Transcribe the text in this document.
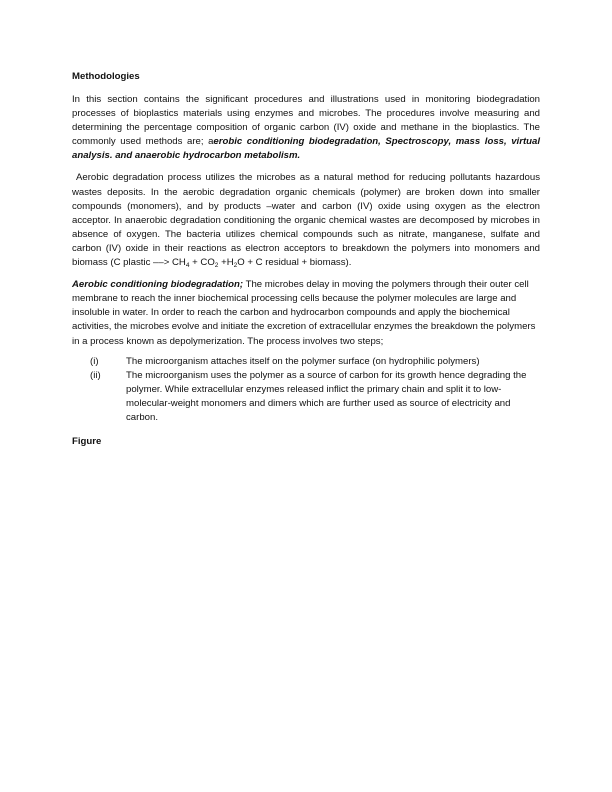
Methodologies

In this section contains the significant procedures and illustrations used in monitoring biodegradation processes of bioplastics materials using enzymes and microbes. The procedures involve measuring and determining the percentage composition of organic carbon (IV) oxide and methane in the bioplastics. The commonly used methods are; aerobic conditioning biodegradation, Spectroscopy, mass loss, virtual analysis. and anaerobic hydrocarbon metabolism.

Aerobic degradation process utilizes the microbes as a natural method for reducing pollutants hazardous wastes deposits. In the aerobic degradation organic chemicals (polymer) are broken down into smaller compounds (monomers), and by products –water and carbon (IV) oxide using oxygen as the electron acceptor. In anaerobic degradation conditioning the organic chemical wastes are decomposed by microbes in absence of oxygen. The bacteria utilizes chemical compounds such as nitrate, manganese, sulfate and carbon (IV) oxide in their reactions as electron acceptors to breakdown the polymers into monomers and biomass (C plastic ––> $CH_4 + CO_2 +H_2O + C$ residual + biomass).

Aerobic conditioning biodegradation; The microbes delay in moving the polymers through their outer cell membrane to reach the inner biochemical processing cells because the polymer molecules are large and insoluble in water. In order to reach the carbon and hydrocarbon compounds and apply the biochemical activities, the microbes evolve and initiate the excretion of extracellular enzymes the breakdown the polymers in a process known as depolymerization. The process involves two steps;

(i)	The microorganism attaches itself on the polymer surface (on hydrophilic polymers)
(ii)	The microorganism uses the polymer as a source of carbon for its growth hence degrading the polymer. While extracellular enzymes released inflict the primary chain and split it to low-molecular-weight monomers and dimers which are further used as source of electricity and carbon.

Figure
